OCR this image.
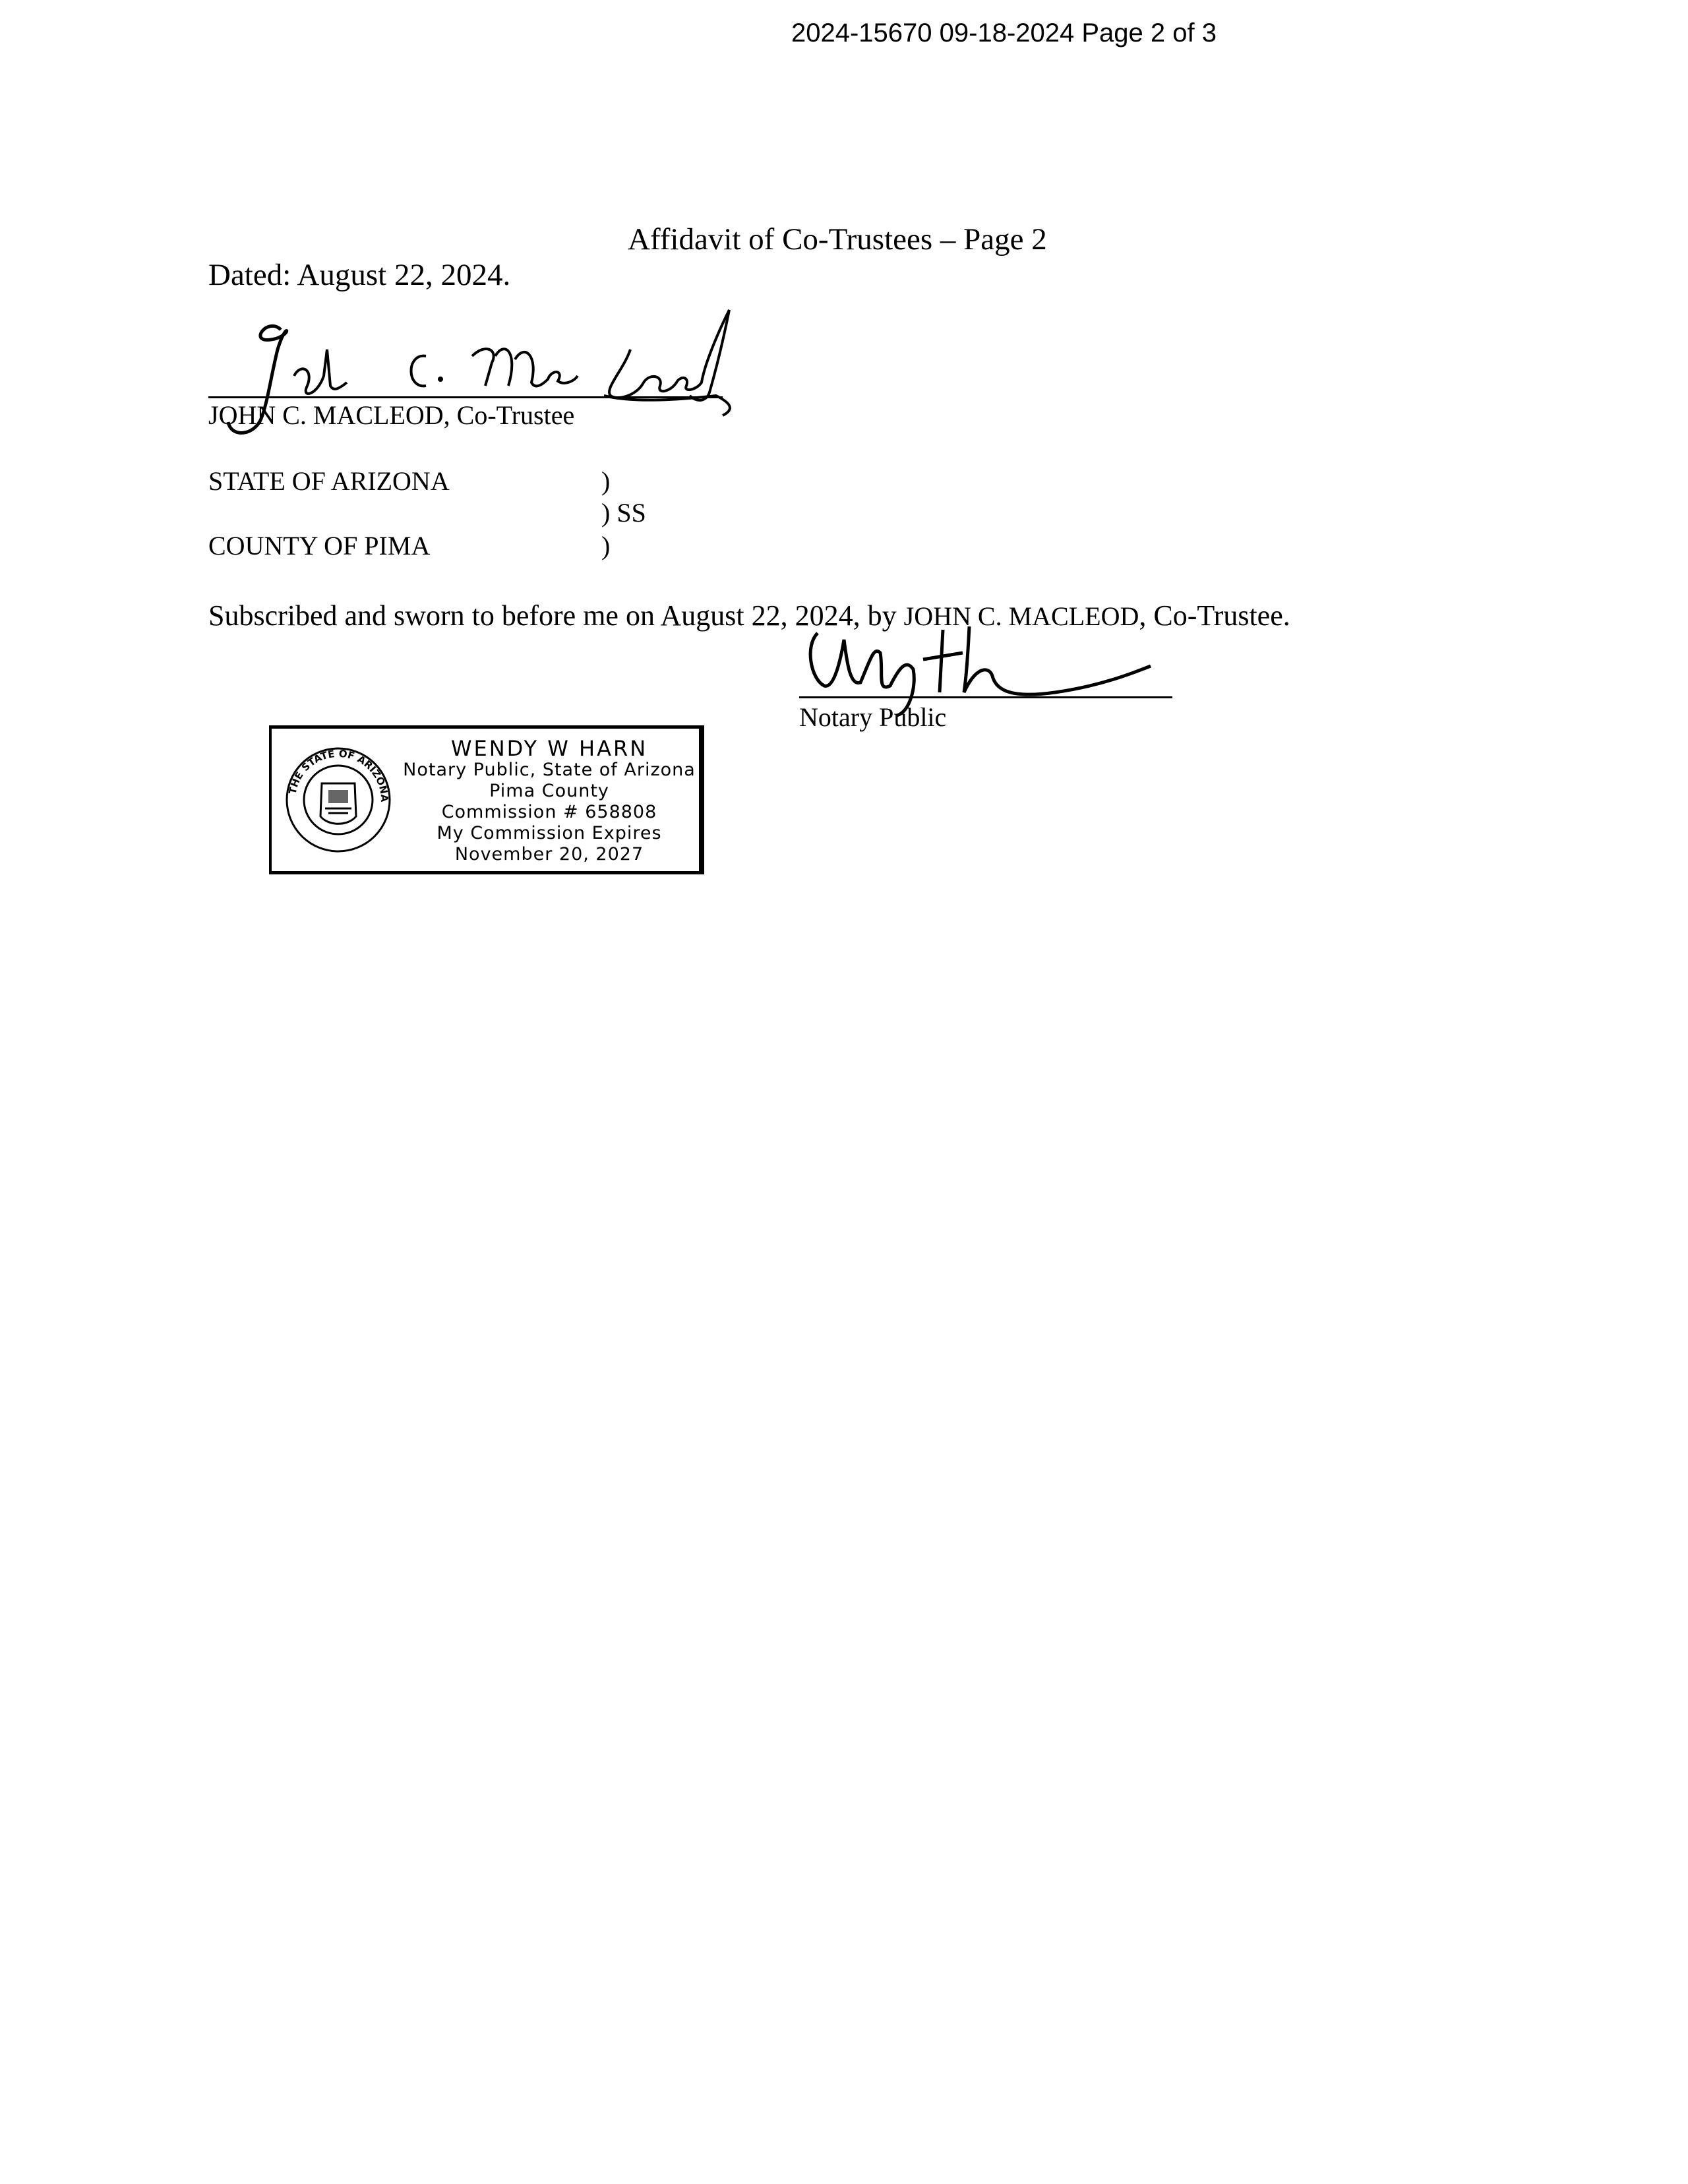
2024-15670 09-18-2024 Page 2 of 3
Affidavit of Co-Trustees – Page 2
Dated: August 22, 2024.
JOHN C. MACLEOD, Co-Trustee
STATE OF ARIZONA	)
) SS
COUNTY OF PIMA	)
Subscribed and sworn to before me on August 22, 2024, by JOHN C. MACLEOD, Co-Trustee.
Notary Public
THE STATE OF ARIZONA
WENDY W HARN
Notary Public, State of Arizona
Pima County
Commission # 658808
My Commission Expires
November 20, 2027
